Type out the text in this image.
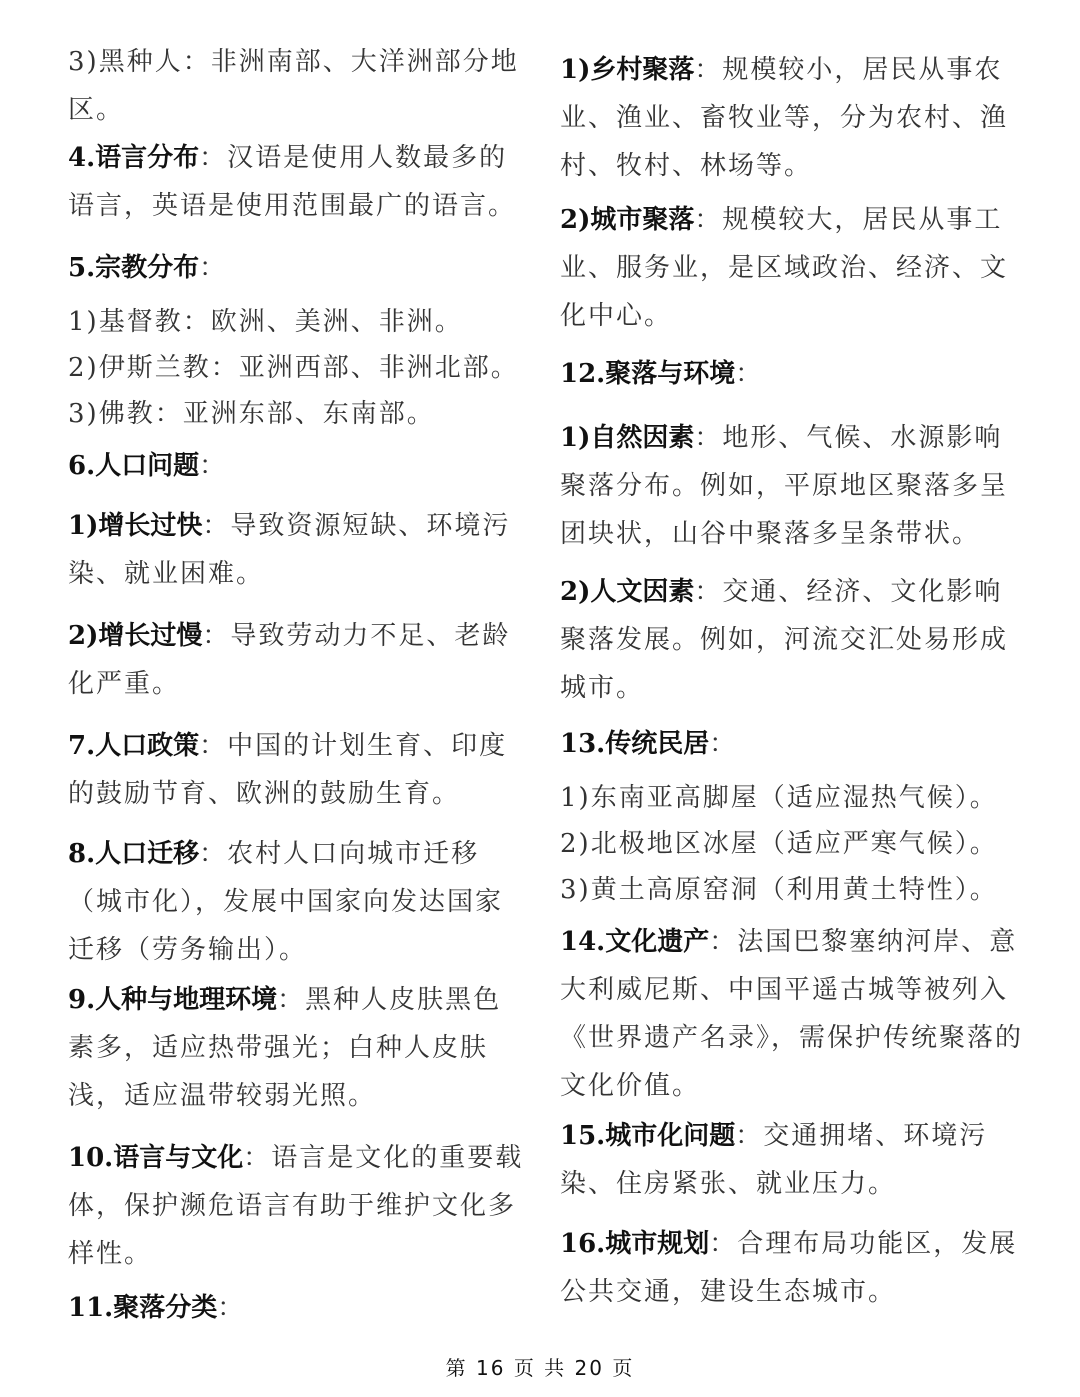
3)黑种人：非洲南部、大洋洲部分地区。
4.语言分布：汉语是使用人数最多的语言，英语是使用范围最广的语言。
5.宗教分布：
1)基督教：欧洲、美洲、非洲。
2)伊斯兰教：亚洲西部、非洲北部。
3)佛教：亚洲东部、东南部。
6.人口问题：
1)增长过快：导致资源短缺、环境污染、就业困难。
2)增长过慢：导致劳动力不足、老龄化严重。
7.人口政策：中国的计划生育、印度的鼓励节育、欧洲的鼓励生育。
8.人口迁移：农村人口向城市迁移（城市化），发展中国家向发达国家迁移（劳务输出）。
9.人种与地理环境：黑种人皮肤黑色素多，适应热带强光；白种人皮肤浅，适应温带较弱光照。
10.语言与文化：语言是文化的重要载体，保护濒危语言有助于维护文化多样性。
11.聚落分类：
1)乡村聚落：规模较小，居民从事农业、渔业、畜牧业等，分为农村、渔村、牧村、林场等。
2)城市聚落：规模较大，居民从事工业、服务业，是区域政治、经济、文化中心。
12.聚落与环境：
1)自然因素：地形、气候、水源影响聚落分布。例如，平原地区聚落多呈团块状，山谷中聚落多呈条带状。
2)人文因素：交通、经济、文化影响聚落发展。例如，河流交汇处易形成城市。
13.传统民居：
1)东南亚高脚屋（适应湿热气候）。
2)北极地区冰屋（适应严寒气候）。
3)黄土高原窑洞（利用黄土特性）。
14.文化遗产：法国巴黎塞纳河岸、意大利威尼斯、中国平遥古城等被列入《世界遗产名录》，需保护传统聚落的文化价值。
15.城市化问题：交通拥堵、环境污染、住房紧张、就业压力。
16.城市规划：合理布局功能区，发展公共交通，建设生态城市。
第 16 页 共 20 页
